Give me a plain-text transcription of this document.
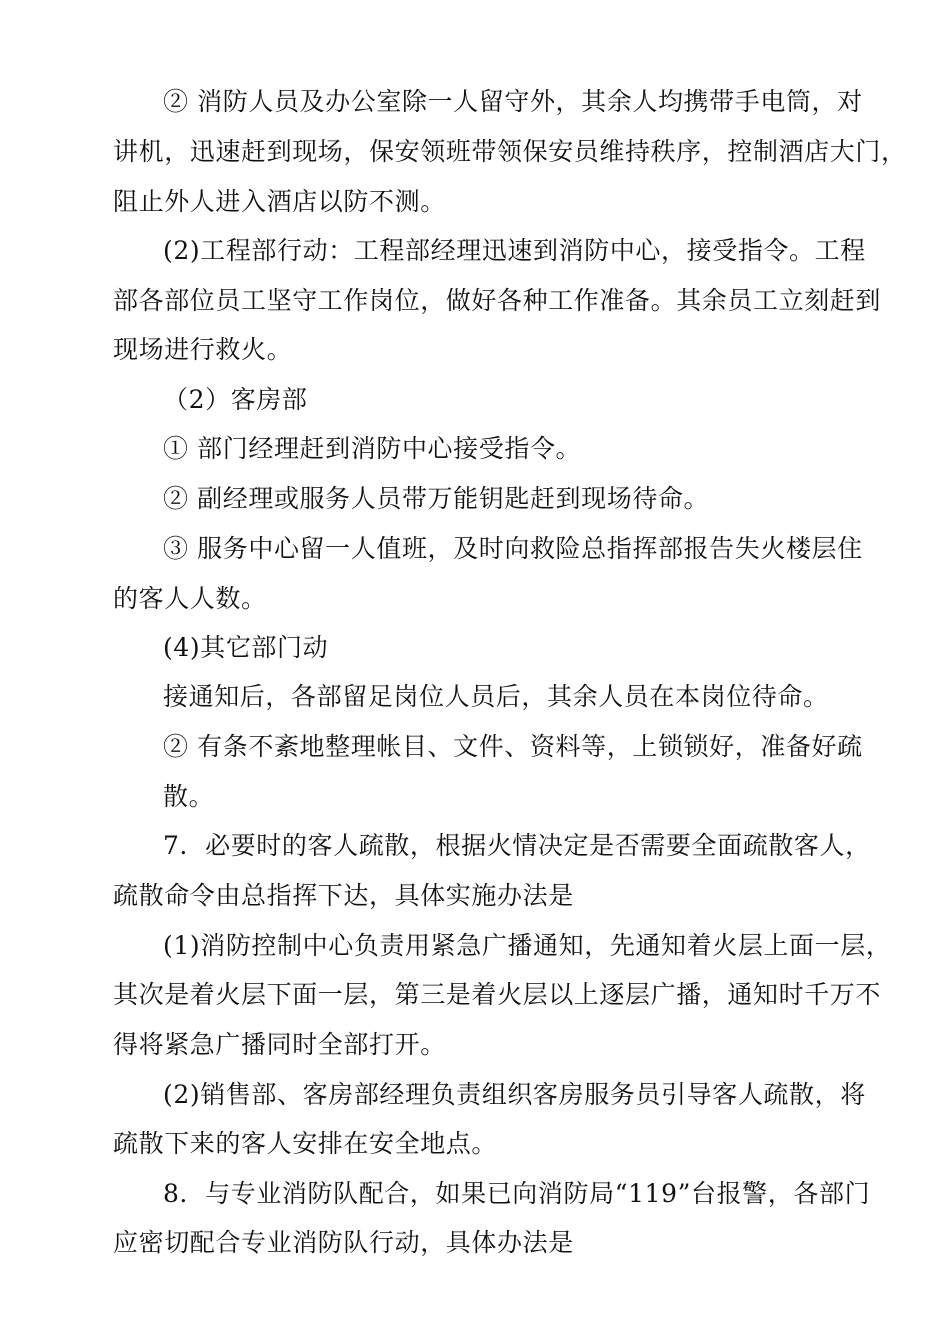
② 消防人员及办公室除一人留守外，其余人均携带手电筒，对
讲机，迅速赶到现场，保安领班带领保安员维持秩序，控制酒店大门，
阻止外人进入酒店以防不测。
(2)工程部行动：工程部经理迅速到消防中心，接受指令。工程
部各部位员工坚守工作岗位，做好各种工作准备。其余员工立刻赶到
现场进行救火。
（2）客房部
① 部门经理赶到消防中心接受指令。
② 副经理或服务人员带万能钥匙赶到现场待命。
③ 服务中心留一人值班，及时向救险总指挥部报告失火楼层住
的客人人数。
(4)其它部门动
接通知后，各部留足岗位人员后，其余人员在本岗位待命。
② 有条不紊地整理帐目、文件、资料等，上锁锁好，准备好疏
散。
7．必要时的客人疏散，根据火情决定是否需要全面疏散客人，
疏散命令由总指挥下达，具体实施办法是
(1)消防控制中心负责用紧急广播通知，先通知着火层上面一层，
其次是着火层下面一层，第三是着火层以上逐层广播，通知时千万不
得将紧急广播同时全部打开。
(2)销售部、客房部经理负责组织客房服务员引导客人疏散，将
疏散下来的客人安排在安全地点。
8．与专业消防队配合，如果已向消防局“119”台报警，各部门
应密切配合专业消防队行动，具体办法是
